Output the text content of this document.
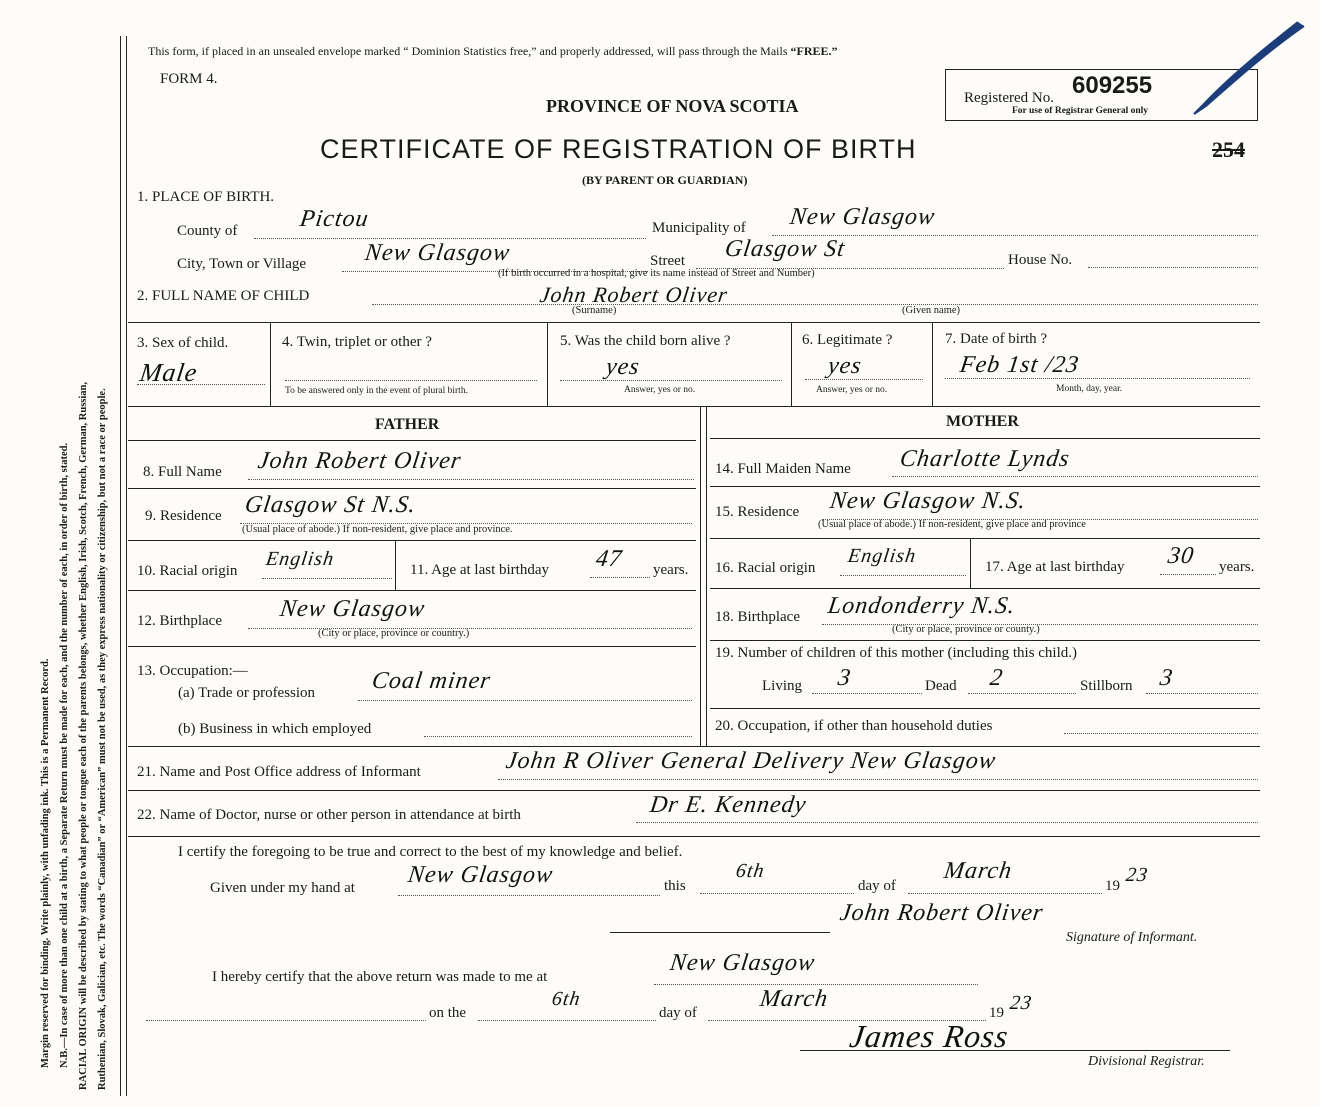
Margin reserved for binding. Write plainly, with unfading ink. This is a Permanent Record. N.B.—In case of more than one child at a birth, a Separate Return must be made for each, and the number of each, in order of birth, stated. RACIAL ORIGIN will be described by stating to what people or tongue each of the parents belongs, whether English, Irish, Scotch, French, German, Russian, Ruthenian, Slovak, Galician, etc. The words “Canadian” or “American” must not be used, as they express nationality or citizenship, but not a race or people.
This form, if placed in an unsealed envelope marked “ Dominion Statistics free,” and properly addressed, will pass through the Mails “FREE.”
FORM 4.
PROVINCE OF NOVA SCOTIA
CERTIFICATE OF REGISTRATION OF BIRTH
(BY PARENT OR GUARDIAN)
Registered No. 609255
For use of Registrar General only
254
1. PLACE OF BIRTH.
County of	Pictou	Municipality of New Glasgow
City, Town or Village New Glasgow	Street Glasgow St	House No.
(If birth occurred in a hospital, give its name instead of Street and Number)
2. FULL NAME OF CHILD	John Robert Oliver
(Surname)	(Given name)
3. Sex of child.
Male
4. Twin, triplet or other ?
To be answered only in the event of plural birth.
5. Was the child born alive ?
yes
Answer, yes or no.
6. Legitimate ?
yes
Answer, yes or no.
7. Date of birth ?
Feb 1st /23
Month, day, year.
FATHER	MOTHER
8. Full Name John Robert Oliver
9. Residence Glasgow St N.S.
(Usual place of abode.) If non-resident, give place and province.
10. Racial origin
English	11. Age at last birthday 47 years.
12. Birthplace New Glasgow
(City or place, province or country.)
13. Occupation:—
(a) Trade or profession Coal miner
(b) Business in which employed
14. Full Maiden Name Charlotte Lynds
15. Residence New Glasgow N.S.
(Usual place of abode.) If non-resident, give place and province
16. Racial origin
English	17. Age at last birthday 30 years.
18. Birthplace Londonderry N.S.
(City or place, province or county.)
19. Number of children of this mother (including this child.)
Living 3	Dead 2	Stillborn 3
20. Occupation, if other than household duties
21. Name and Post Office address of Informant	John R Oliver General Delivery New Glasgow
22. Name of Doctor, nurse or other person in attendance at birth	Dr E. Kennedy
I certify the foregoing to be true and correct to the best of my knowledge and belief.
Given under my hand at New Glasgow	this
6th
day of
March
19 23
John Robert Oliver
Signature of Informant.
I hereby certify that the above return was made to me at
New Glasgow
on the
6th
day of
March
19 23
James Ross
Divisional Registrar.
